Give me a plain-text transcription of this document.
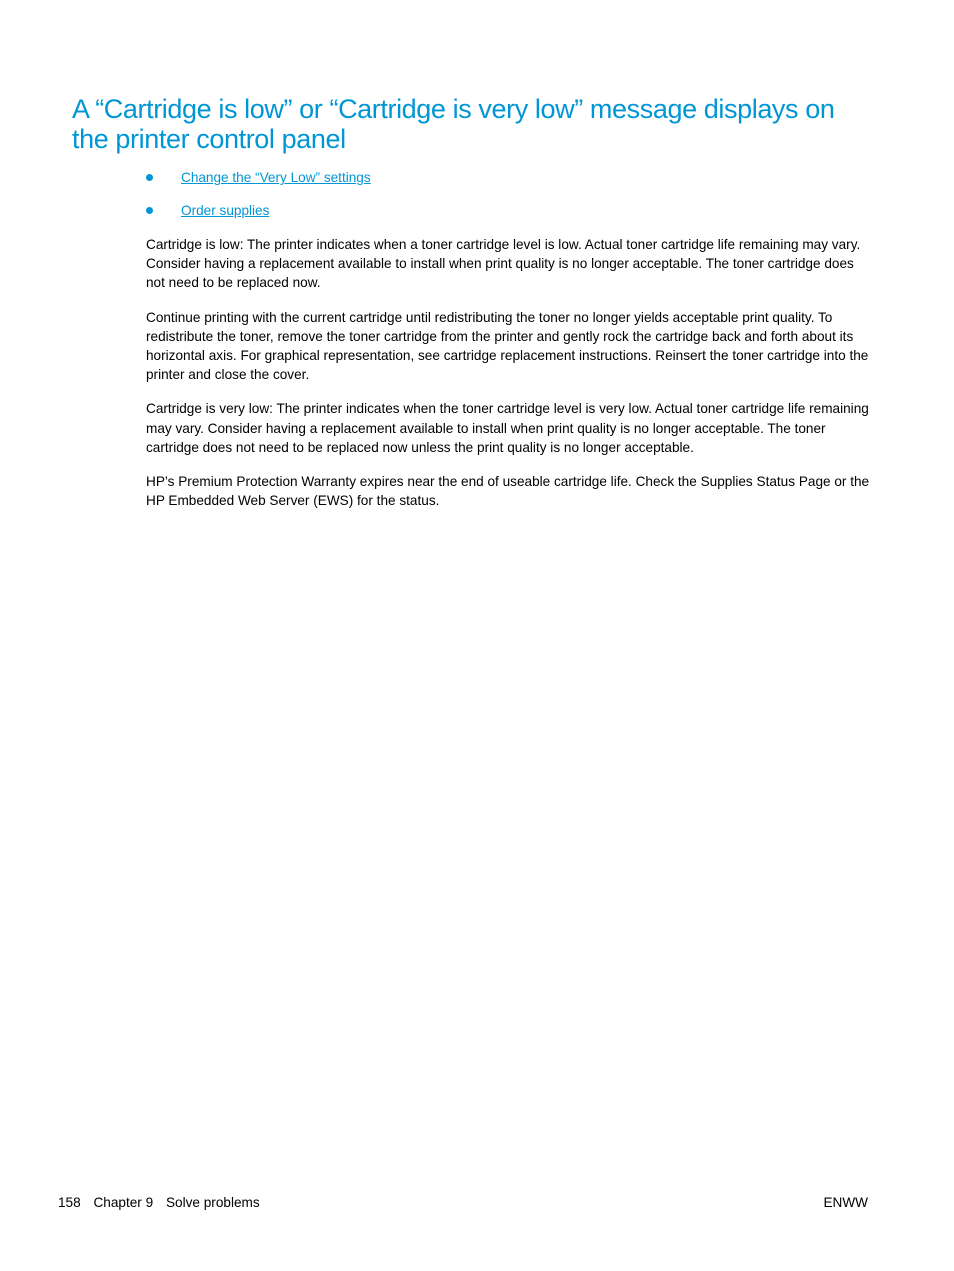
A “Cartridge is low” or “Cartridge is very low” message displays on the printer control panel
Change the “Very Low” settings
Order supplies

Cartridge is low: The printer indicates when a toner cartridge level is low. Actual toner cartridge life remaining may vary. Consider having a replacement available to install when print quality is no longer acceptable. The toner cartridge does not need to be replaced now.

Continue printing with the current cartridge until redistributing the toner no longer yields acceptable print quality. To redistribute the toner, remove the toner cartridge from the printer and gently rock the cartridge back and forth about its horizontal axis. For graphical representation, see cartridge replacement instructions. Reinsert the toner cartridge into the printer and close the cover.

Cartridge is very low: The printer indicates when the toner cartridge level is very low. Actual toner cartridge life remaining may vary. Consider having a replacement available to install when print quality is no longer acceptable. The toner cartridge does not need to be replaced now unless the print quality is no longer acceptable.

HP’s Premium Protection Warranty expires near the end of useable cartridge life. Check the Supplies Status Page or the HP Embedded Web Server (EWS) for the status.

158 Chapter 9 Solve problems	ENWW
